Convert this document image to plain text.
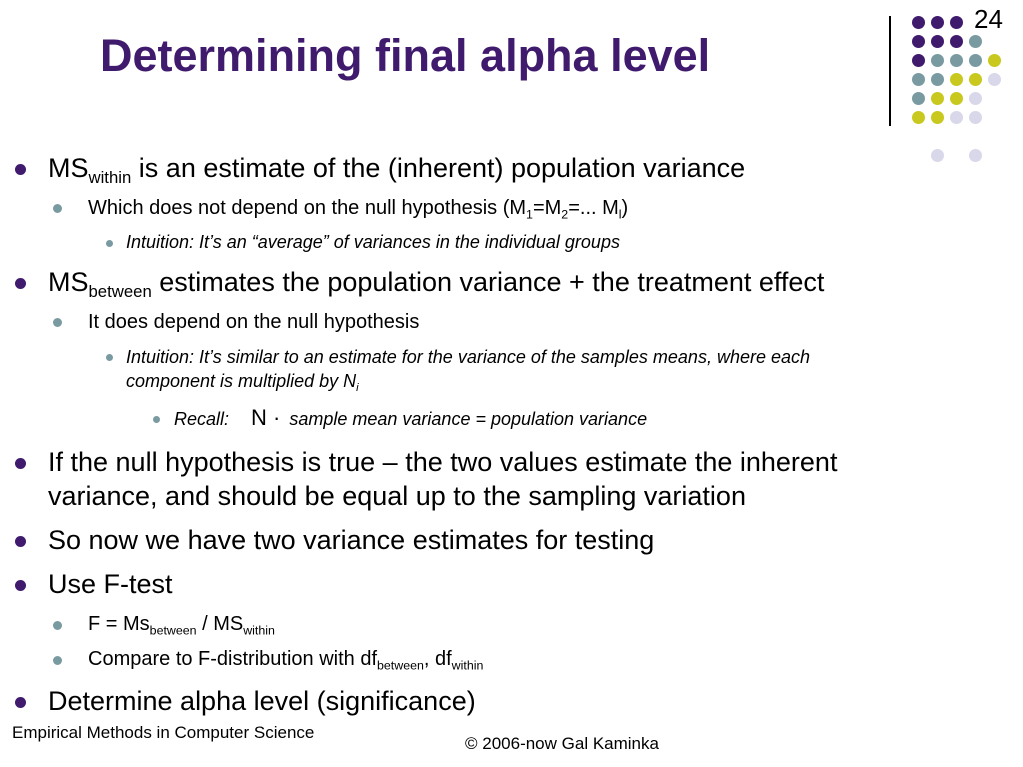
Determining final alpha level
24
$MS_{within}$ is an estimate of the (inherent) population variance
Which does not depend on the null hypothesis ($M_1=M_2=$... $M_l$)
Intuition: It’s an “average” of variances in the individual groups
$MS_{between}$ estimates the population variance + the treatment effect
It does depend on the null hypothesis
Intuition: It’s similar to an estimate for the variance of the samples means, where each
component is multiplied by $N_i$
Recall: N · sample mean variance = population variance
If the null hypothesis is true – the two values estimate the inherent
variance, and should be equal up to the sampling variation
So now we have two variance estimates for testing
Use F-test
$F = Ms_{between} / MS_{within}$
Compare to F-distribution with $df_{between}$, $df_{within}$
Determine alpha level (significance)
Empirical Methods in Computer Science
© 2006-now Gal Kaminka
